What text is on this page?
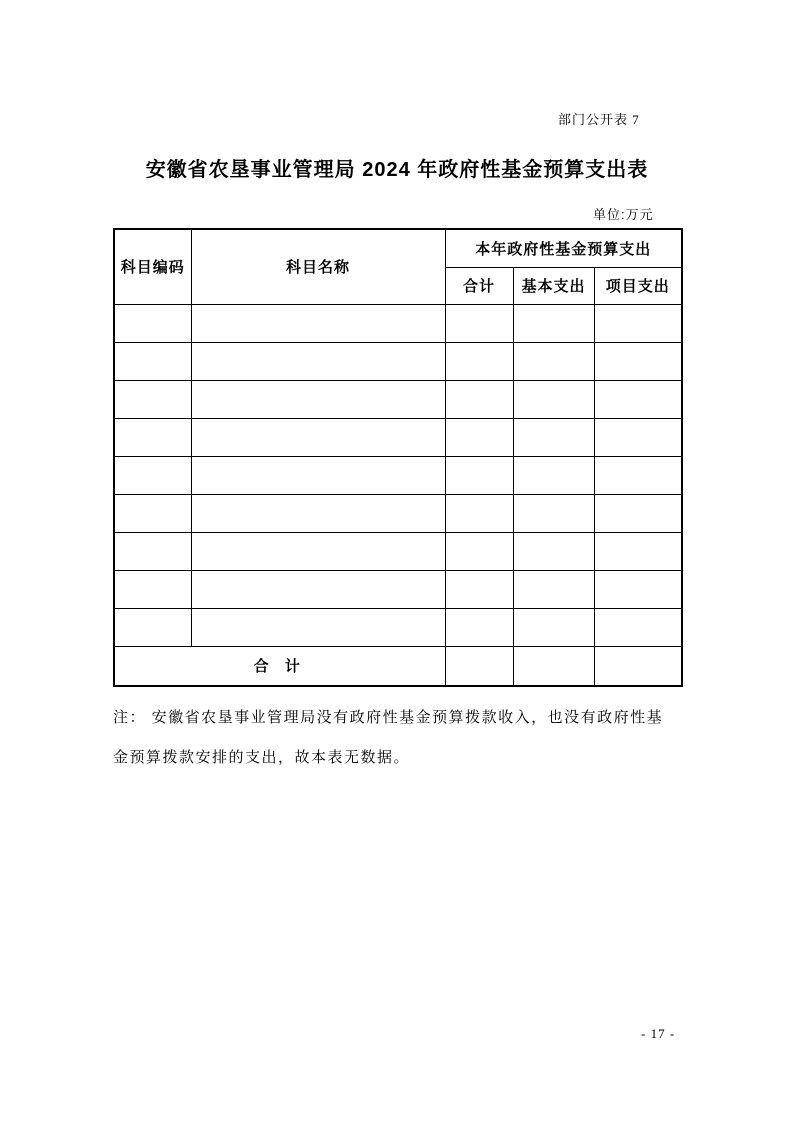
部门公开表 7
安徽省农垦事业管理局 2024 年政府性基金预算支出表
单位:万元
科目编码	科目名称	本年政府性基金预算支出		
		合计	基本支出	项目支出

合 计				
注： 安徽省农垦事业管理局没有政府性基金预算拨款收入，也没有政府性基
金预算拨款安排的支出，故本表无数据。
- 17 -
